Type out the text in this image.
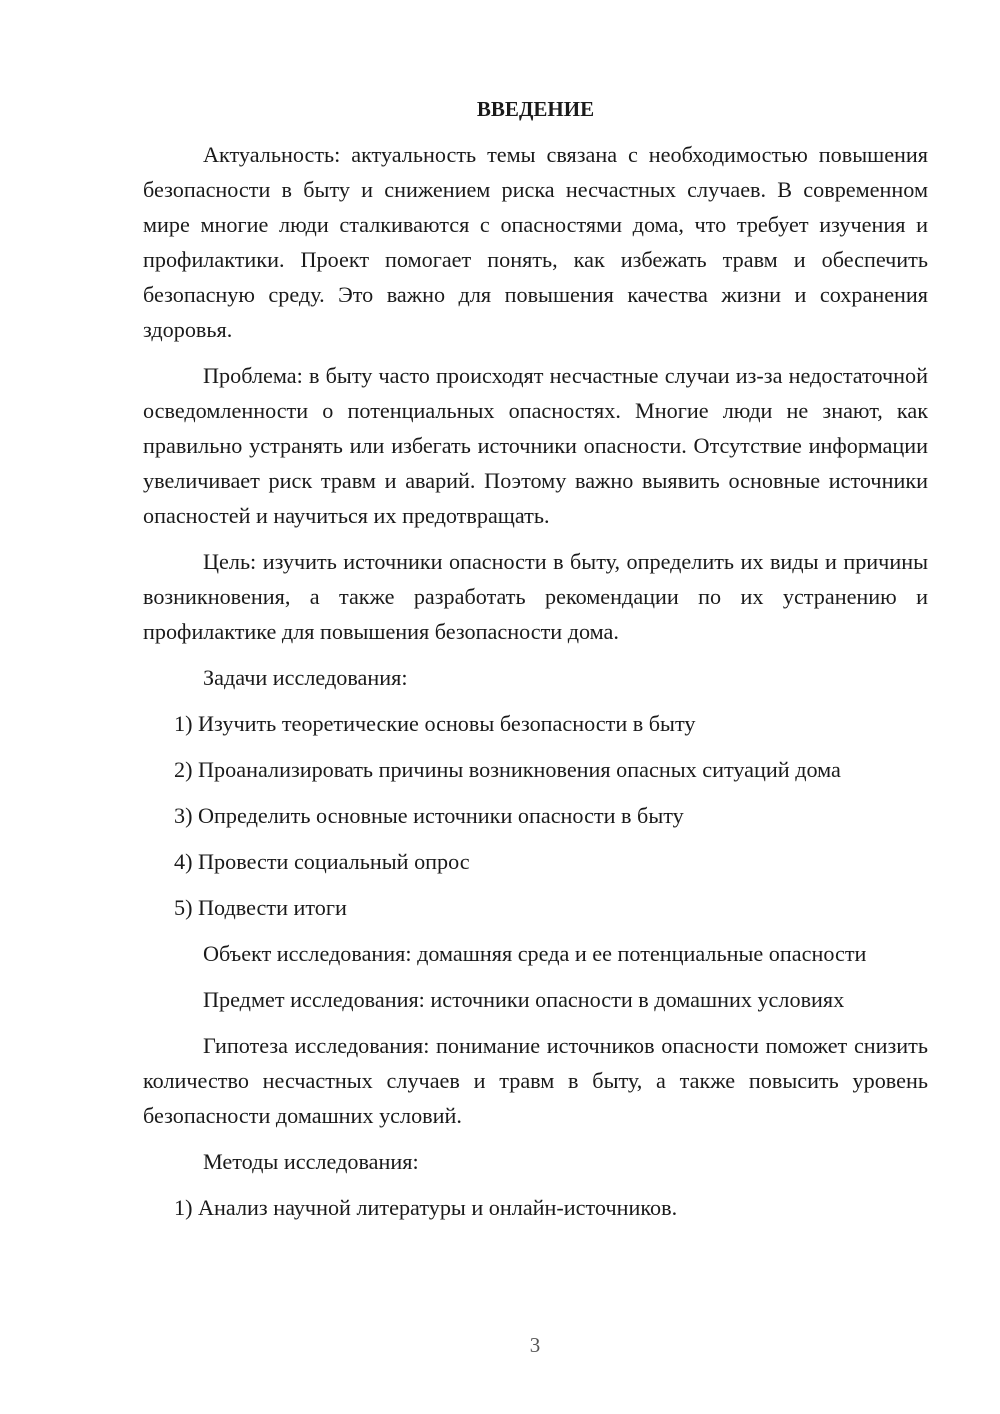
ВВЕДЕНИЕ

Актуальность: актуальность темы связана с необходимостью повышения безопасности в быту и снижением риска несчастных случаев. В современном мире многие люди сталкиваются с опасностями дома, что требует изучения и профилактики. Проект помогает понять, как избежать травм и обеспечить безопасную среду. Это важно для повышения качества жизни и сохранения здоровья.

Проблема: в быту часто происходят несчастные случаи из-за недостаточной осведомленности о потенциальных опасностях. Многие люди не знают, как правильно устранять или избегать источники опасности. Отсутствие информации увеличивает риск травм и аварий. Поэтому важно выявить основные источники опасностей и научиться их предотвращать.

Цель: изучить источники опасности в быту, определить их виды и причины возникновения, а также разработать рекомендации по их устранению и профилактике для повышения безопасности дома.

Задачи исследования:

1) Изучить теоретические основы безопасности в быту
2) Проанализировать причины возникновения опасных ситуаций дома
3) Определить основные источники опасности в быту
4) Провести социальный опрос
5) Подвести итоги

Объект исследования: домашняя среда и ее потенциальные опасности

Предмет исследования: источники опасности в домашних условиях

Гипотеза исследования: понимание источников опасности поможет снизить количество несчастных случаев и травм в быту, а также повысить уровень безопасности домашних условий.

Методы исследования:

1) Анализ научной литературы и онлайн-источников.
3
